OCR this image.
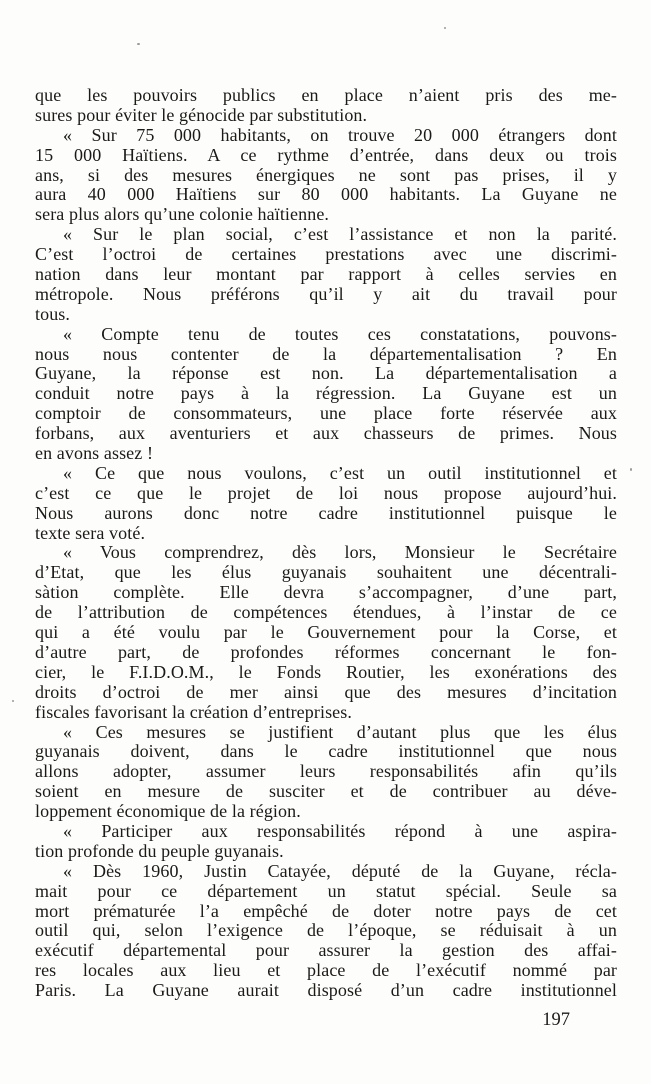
que les pouvoirs publics en place n’aient pris des me-
sures pour éviter le génocide par substitution.
« Sur 75 000 habitants, on trouve 20 000 étrangers dont
15 000 Haïtiens. A ce rythme d’entrée, dans deux ou trois
ans, si des mesures énergiques ne sont pas prises, il y
aura 40 000 Haïtiens sur 80 000 habitants. La Guyane ne
sera plus alors qu’une colonie haïtienne.
« Sur le plan social, c’est l’assistance et non la parité.
C’est l’octroi de certaines prestations avec une discrimi-
nation dans leur montant par rapport à celles servies en
métropole. Nous préférons qu’il y ait du travail pour
tous.
« Compte tenu de toutes ces constatations, pouvons-
nous nous contenter de la départementalisation ? En
Guyane, la réponse est non. La départementalisation a
conduit notre pays à la régression. La Guyane est un
comptoir de consommateurs, une place forte réservée aux
forbans, aux aventuriers et aux chasseurs de primes. Nous
en avons assez !
« Ce que nous voulons, c’est un outil institutionnel et
c’est ce que le projet de loi nous propose aujourd’hui.
Nous aurons donc notre cadre institutionnel puisque le
texte sera voté.
« Vous comprendrez, dès lors, Monsieur le Secrétaire
d’Etat, que les élus guyanais souhaitent une décentrali-
sàtion complète. Elle devra s’accompagner, d’une part,
de l’attribution de compétences étendues, à l’instar de ce
qui a été voulu par le Gouvernement pour la Corse, et
d’autre part, de profondes réformes concernant le fon-
cier, le F.I.D.O.M., le Fonds Routier, les exonérations des
droits d’octroi de mer ainsi que des mesures d’incitation
fiscales favorisant la création d’entreprises.
« Ces mesures se justifient d’autant plus que les élus
guyanais doivent, dans le cadre institutionnel que nous
allons adopter, assumer leurs responsabilités afin qu’ils
soient en mesure de susciter et de contribuer au déve-
loppement économique de la région.
« Participer aux responsabilités répond à une aspira-
tion profonde du peuple guyanais.
« Dès 1960, Justin Catayée, député de la Guyane, récla-
mait pour ce département un statut spécial. Seule sa
mort prématurée l’a empêché de doter notre pays de cet
outil qui, selon l’exigence de l’époque, se réduisait à un
exécutif départemental pour assurer la gestion des affai-
res locales aux lieu et place de l’exécutif nommé par
Paris. La Guyane aurait disposé d’un cadre institutionnel
197
